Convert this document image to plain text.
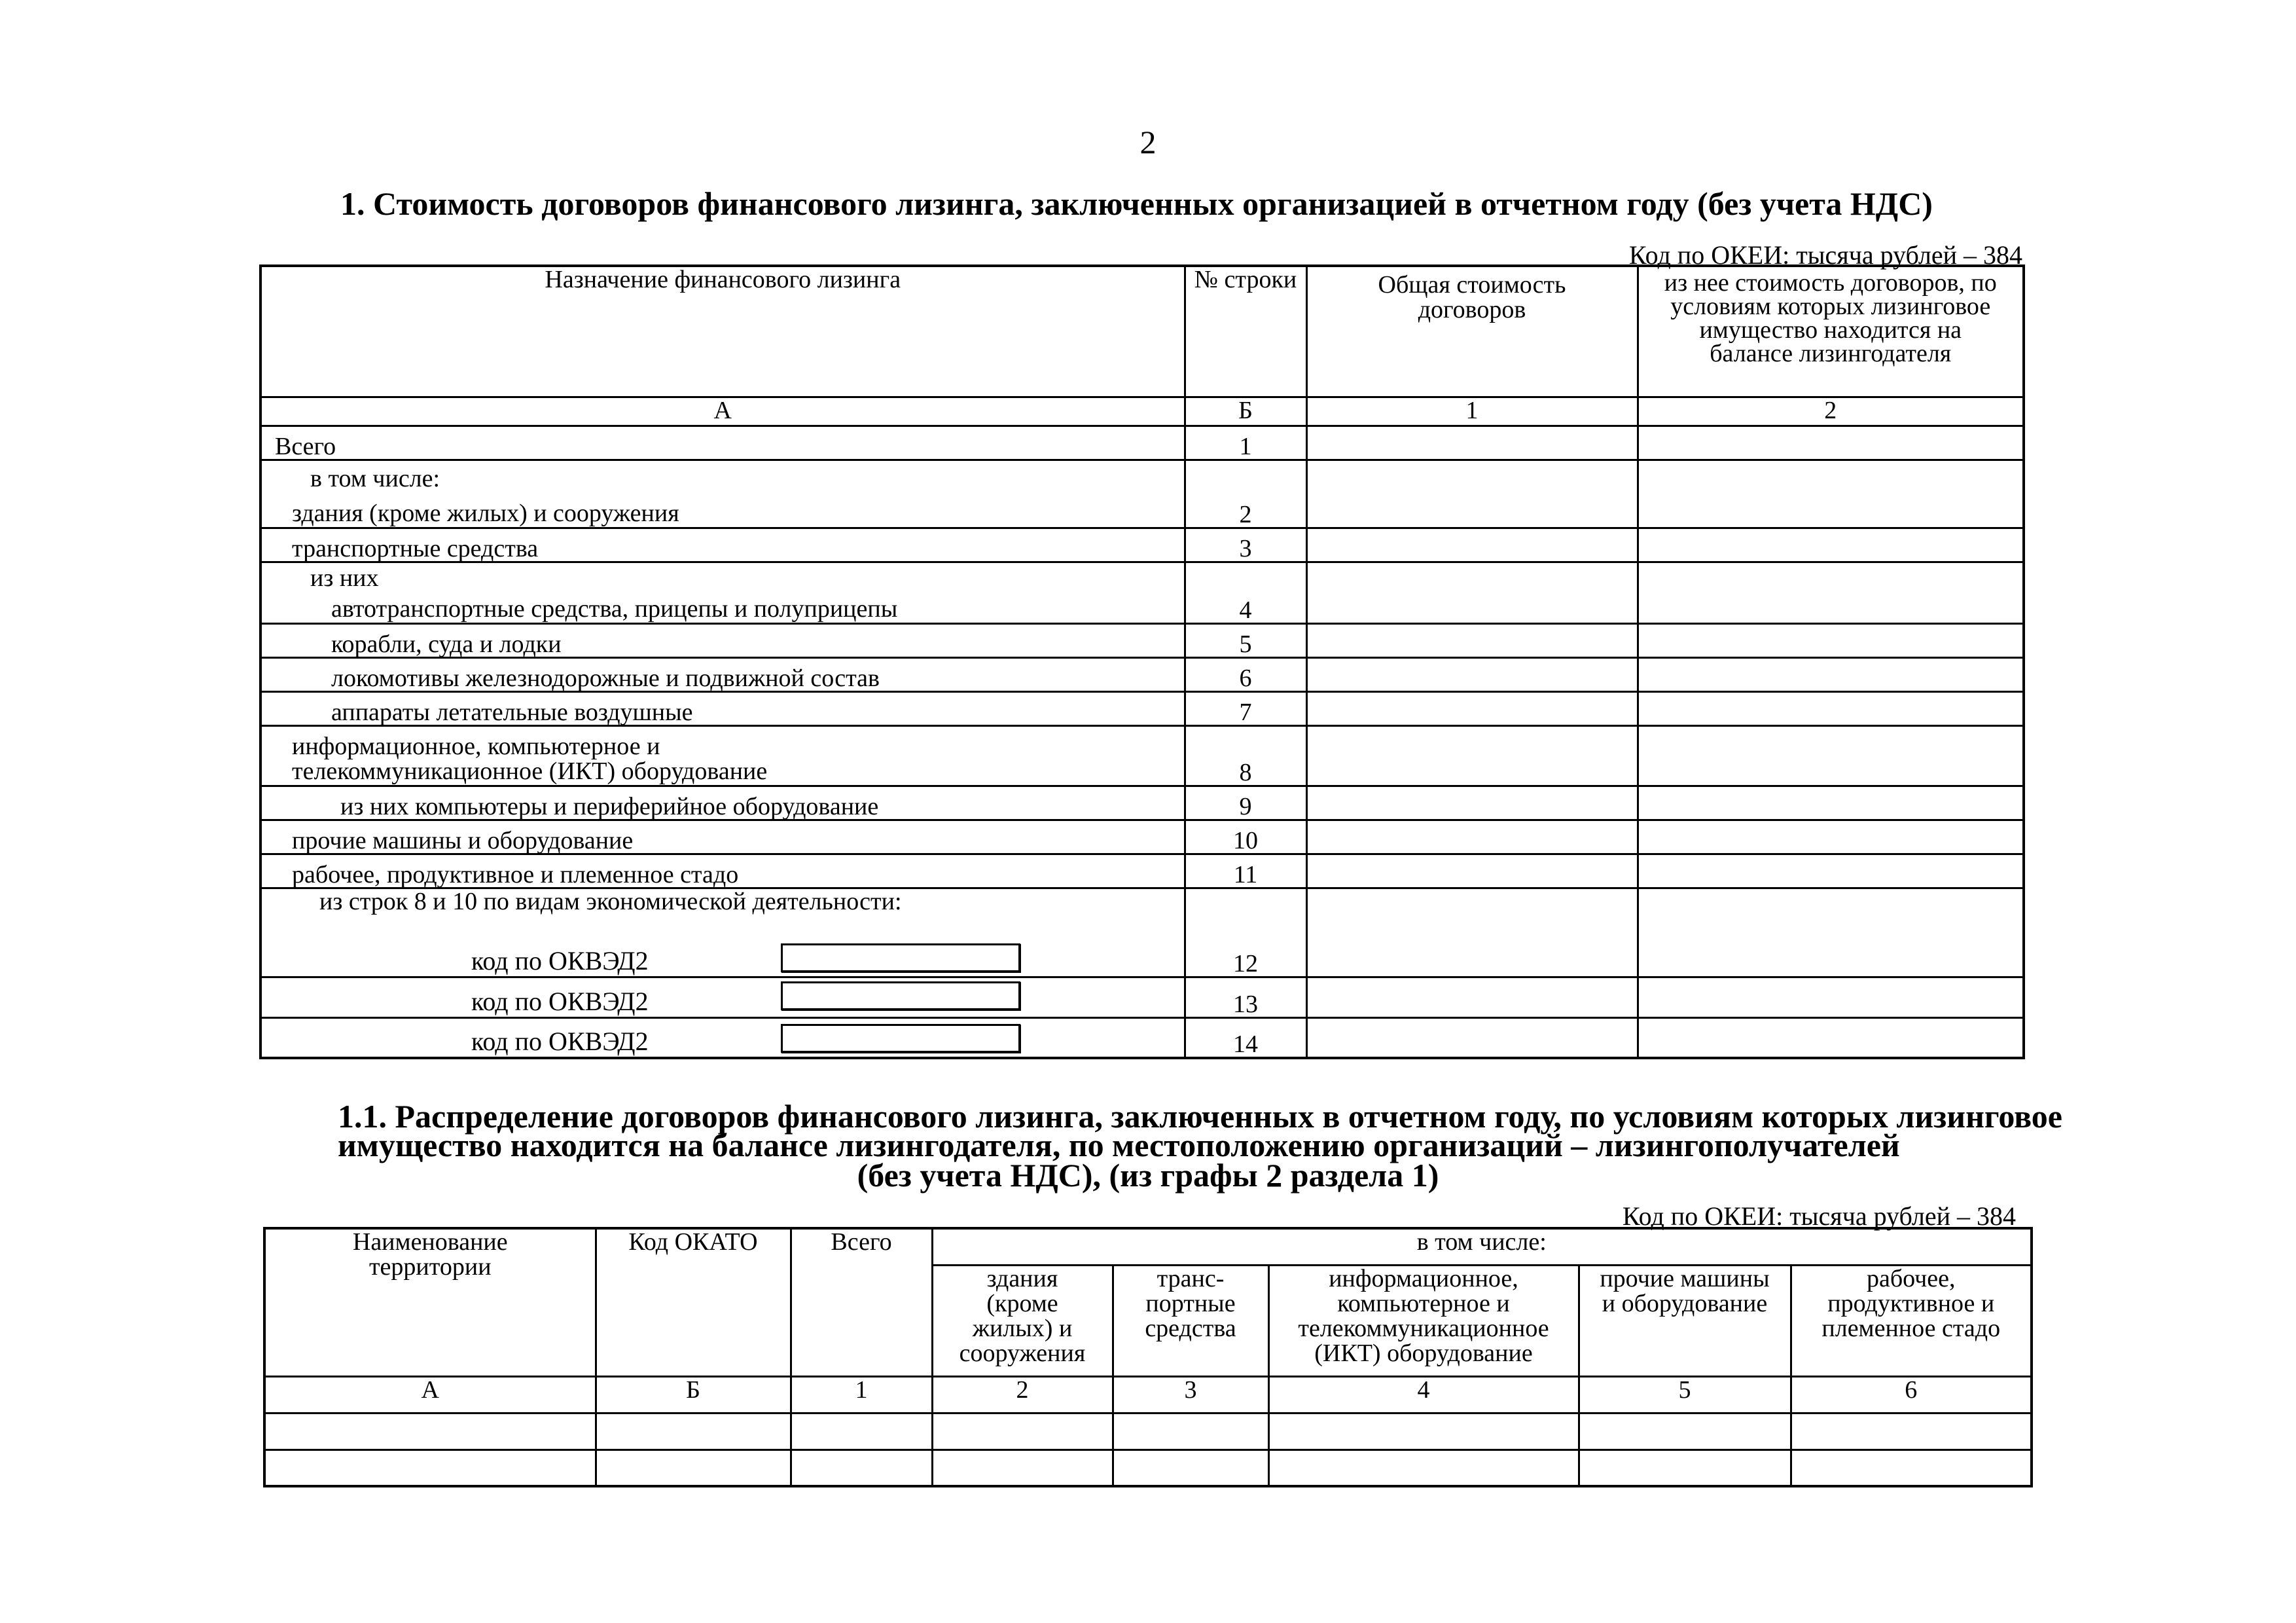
2
1. Стоимость договоров финансового лизинга, заключенных организацией в отчетном году (без учета НДС)
Код по ОКЕИ: тысяча рублей – 384
Назначение финансового лизинга	№ строки	Общая стоимость договоров	из нее стоимость договоров, по условиям которых лизинговое имущество находится на балансе лизингодателя
А	Б	1	2
Всего	1		

в том числе:
здания (кроме жилых) и сооружения	2		
транспортные средства	3		

из них
автотранспортные средства, прицепы и полуприцепы	4		
корабли, суда и лодки	5		
локомотивы железнодорожные и подвижной состав	6		
аппараты летательные воздушные	7		
информационное, компьютерное и телекоммуникационное (ИКТ) оборудование	8		
из них компьютеры и периферийное оборудование	9		
прочие машины и оборудование	10		
рабочее, продуктивное и племенное стадо	11		

из строк 8 и 10 по видам экономической деятельности:
код по ОКВЭД2	12		

код по ОКВЭД2	13		

код по ОКВЭД2	14		
1.1. Распределение договоров финансового лизинга, заключенных в отчетном году, по условиям которых лизинговое
имущество находится на балансе лизингодателя, по местоположению организаций – лизингополучателей
(без учета НДС), (из графы 2 раздела 1)
Код по ОКЕИ: тысяча рублей – 384
Наименование территории	Код ОКАТО	Всего	в том числе:				
			здания (кроме жилых) и сооружения	транс-портные средства	информационное, компьютерное и телекоммуникационное (ИКТ) оборудование	прочие машины и оборудование	рабочее, продуктивное и племенное стадо
А	Б	1	2	3	4	5	6
